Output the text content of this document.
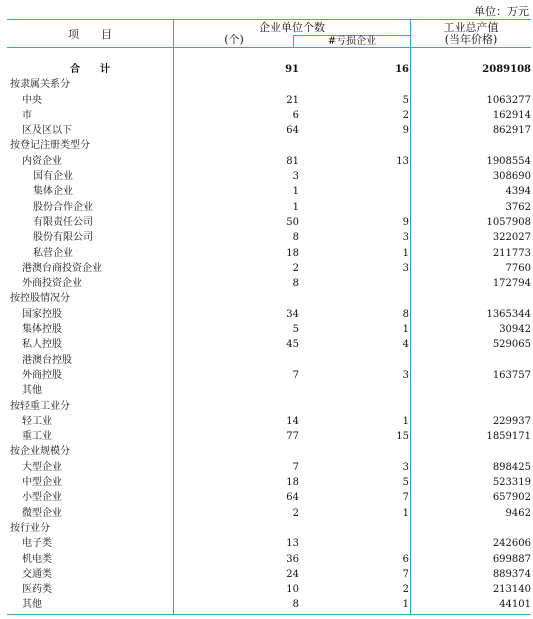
单位：万元
项　　目
企业单位个数
(个)	#亏损企业
工业总产值
(当年价格)
合　　计	91	16	2089108
按隶属关系分			
中央	21	5	1063277
市	6	2	162914
区及区以下	64	9	862917
按登记注册类型分			
内资企业	81	13	1908554
国有企业	3		308690
集体企业	1		4394
股份合作企业	1		3762
有限责任公司	50	9	1057908
股份有限公司	8	3	322027
私营企业	18	1	211773
港澳台商投资企业	2	3	7760
外商投资企业	8		172794
按控股情况分			
国家控股	34	8	1365344
集体控股	5	1	30942
私人控股	45	4	529065
港澳台控股			
外商控股	7	3	163757
其他			
按轻重工业分			
轻工业	14	1	229937
重工业	77	15	1859171
按企业规模分			
大型企业	7	3	898425
中型企业	18	5	523319
小型企业	64	7	657902
微型企业	2	1	9462
按行业分			
电子类	13		242606
机电类	36	6	699887
交通类	24	7	889374
医药类	10	2	213140
其他	8	1	44101
